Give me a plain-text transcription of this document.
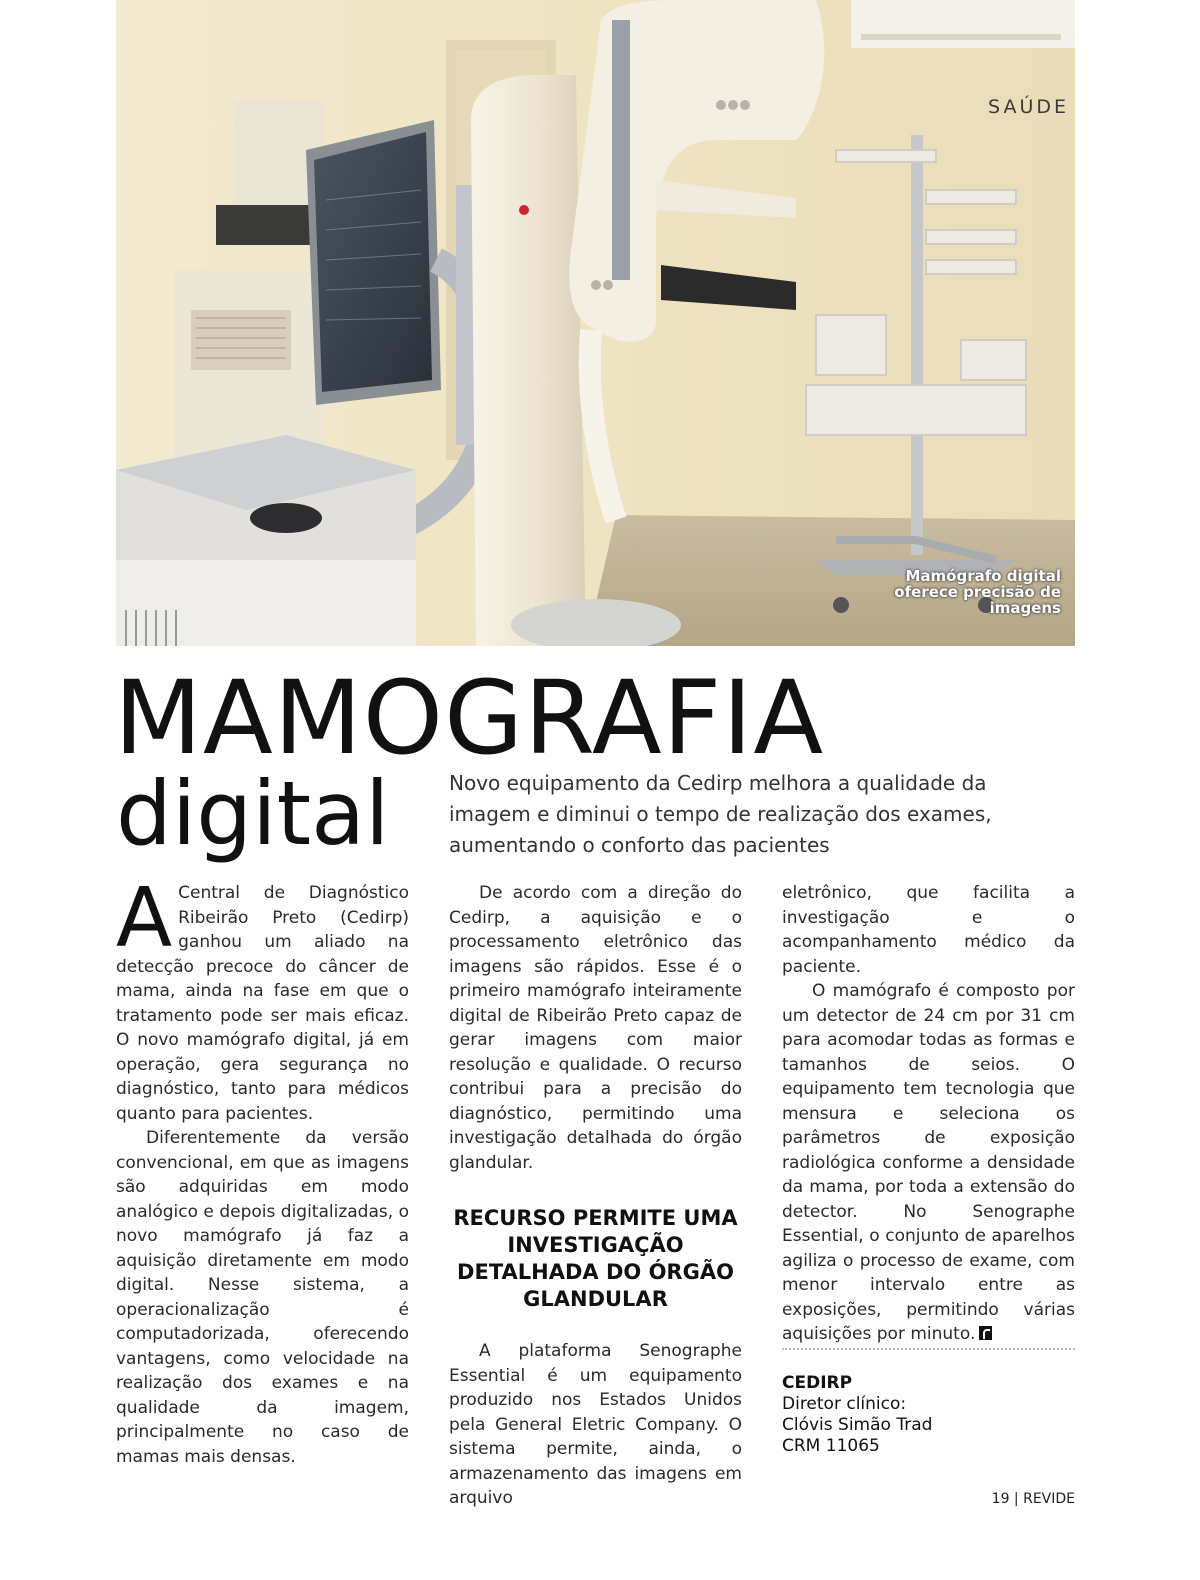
SAÚDE
Mamógrafo digital oferece precisão de imagens
MAMOGRAFIA
digital	Novo equipamento da Cedirp melhora a qualidade da imagem e diminui o tempo de realização dos exames, aumentando o conforto das pacientes

A Central de Diagnóstico Ribeirão Preto (Cedirp) ganhou um aliado na detecção precoce do câncer de mama, ainda na fase em que o tratamento pode ser mais eficaz. O novo mamógrafo digital, já em operação, gera segurança no diagnóstico, tanto para médicos quanto para pacientes.

Diferentemente da versão convencional, em que as imagens são adquiridas em modo analógico e depois digitalizadas, o novo mamógrafo já faz a aquisição diretamente em modo digital. Nesse sistema, a operacionalização é computadorizada, oferecendo vantagens, como velocidade na realização dos exames e na qualidade da imagem, principalmente no caso de mamas mais densas.

De acordo com a direção do Cedirp, a aquisição e o processamento eletrônico das imagens são rápidos. Esse é o primeiro mamógrafo inteiramente digital de Ribeirão Preto capaz de gerar imagens com maior resolução e qualidade. O recurso contribui para a precisão do diagnóstico, permitindo uma investigação detalhada do órgão glandular.

RECURSO PERMITE UMA INVESTIGAÇÃO DETALHADA DO ÓRGÃO GLANDULAR

A plataforma Senographe Essential é um equipamento produzido nos Estados Unidos pela General Eletric Company. O sistema permite, ainda, o armazenamento das imagens em arquivo

eletrônico, que facilita a investigação e o acompanhamento médico da paciente.

O mamógrafo é composto por um detector de 24 cm por 31 cm para acomodar todas as formas e tamanhos de seios. O equipamento tem tecnologia que mensura e seleciona os parâmetros de exposição radiológica conforme a densidade da mama, por toda a extensão do detector. No Senographe Essential, o conjunto de aparelhos agiliza o processo de exame, com menor intervalo entre as exposições, permitindo várias aquisições por minuto.

CEDIRP
Diretor clínico:
Clóvis Simão Trad
CRM 11065
19 | REVIDE
